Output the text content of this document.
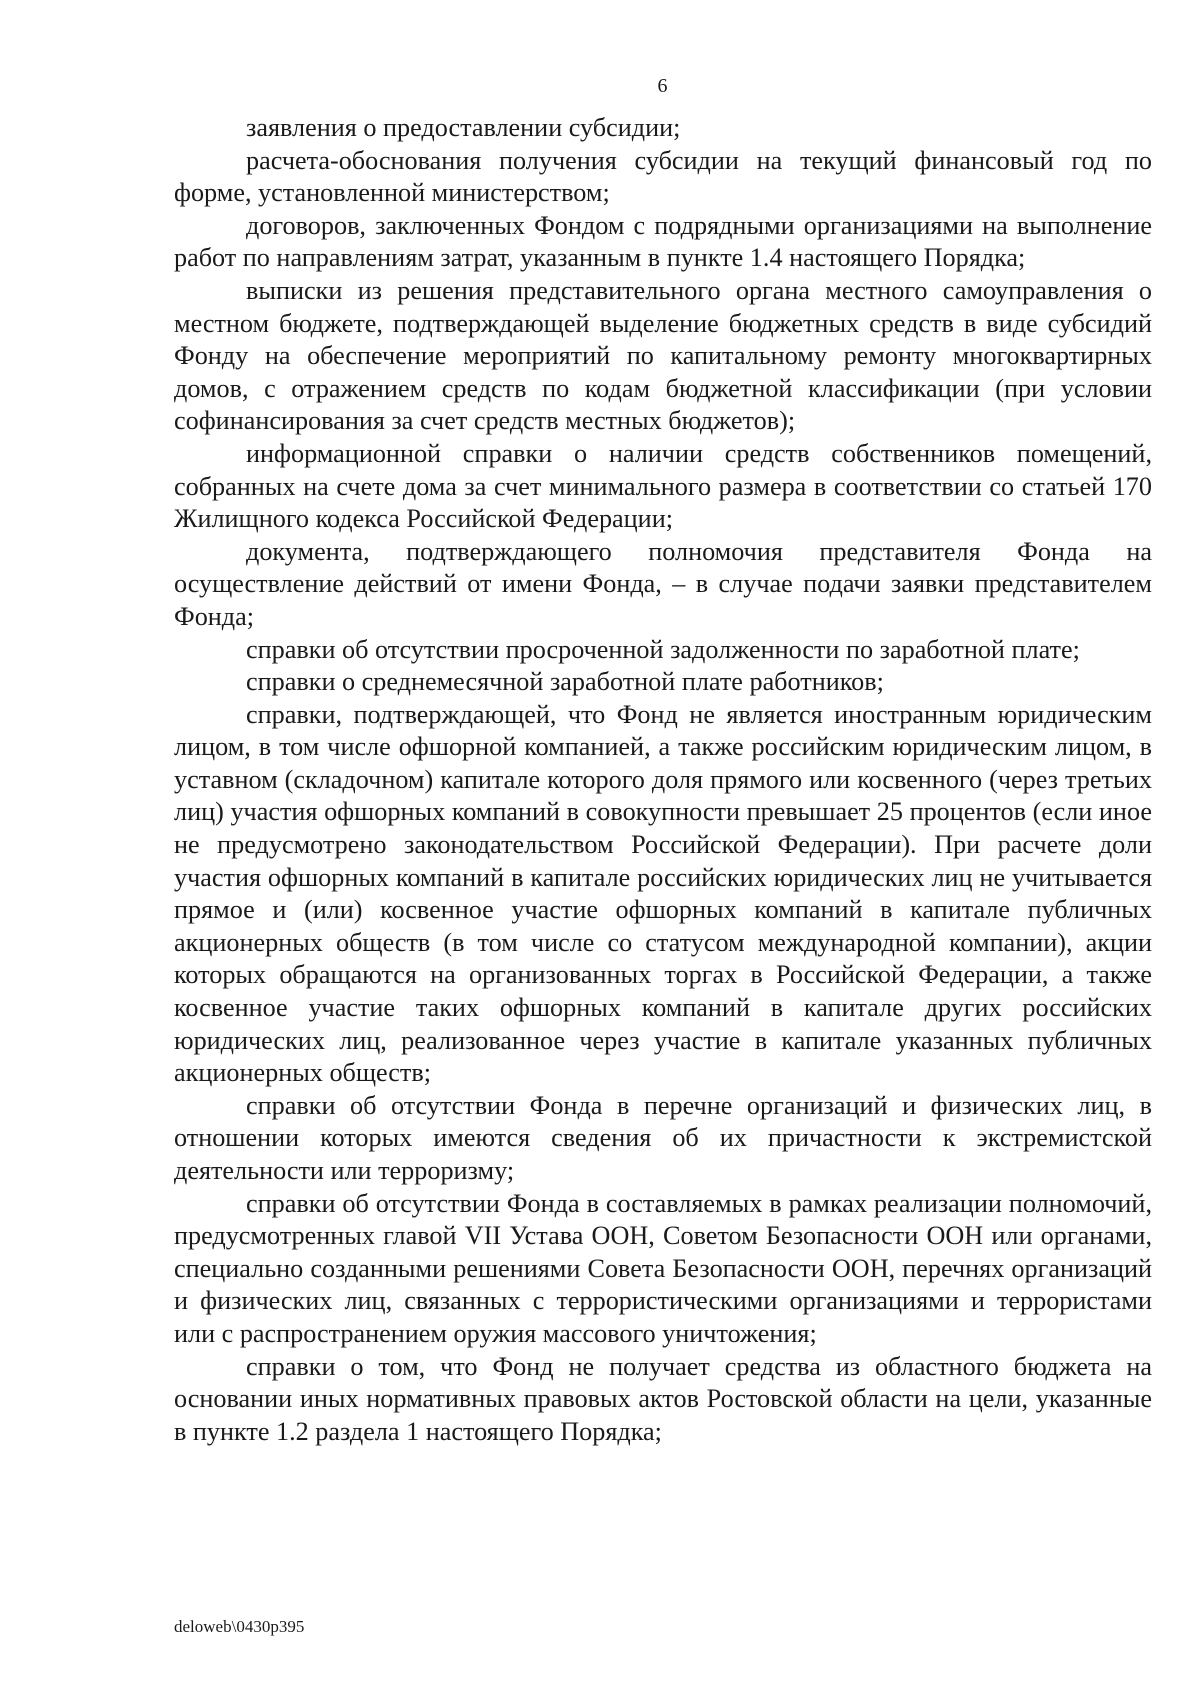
6

заявления о предоставлении субсидии;

расчета-обоснования получения субсидии на текущий финансовый год по форме, установленной министерством;

договоров, заключенных Фондом с подрядными организациями на выполнение работ по направлениям затрат, указанным в пункте 1.4 настоящего Порядка;

выписки из решения представительного органа местного самоуправления о местном бюджете, подтверждающей выделение бюджетных средств в виде субсидий Фонду на обеспечение мероприятий по капитальному ремонту многоквартирных домов, с отражением средств по кодам бюджетной классификации (при условии софинансирования за счет средств местных бюджетов);

информационной справки о наличии средств собственников помещений, собранных на счете дома за счет минимального размера в соответствии со статьей 170 Жилищного кодекса Российской Федерации;

документа, подтверждающего полномочия представителя Фонда на осуществление действий от имени Фонда, – в случае подачи заявки представителем Фонда;

справки об отсутствии просроченной задолженности по заработной плате;

справки о среднемесячной заработной плате работников;

справки, подтверждающей, что Фонд не является иностранным юридическим лицом, в том числе офшорной компанией, а также российским юридическим лицом, в уставном (складочном) капитале которого доля прямого или косвенного (через третьих лиц) участия офшорных компаний в совокупности превышает 25 процентов (если иное не предусмотрено законодательством Российской Федерации). При расчете доли участия офшорных компаний в капитале российских юридических лиц не учитывается прямое и (или) косвенное участие офшорных компаний в капитале публичных акционерных обществ (в том числе со статусом международной компании), акции которых обращаются на организованных торгах в Российской Федерации, а также косвенное участие таких офшорных компаний в капитале других российских юридических лиц, реализованное через участие в капитале указанных публичных акционерных обществ;

справки об отсутствии Фонда в перечне организаций и физических лиц, в отношении которых имеются сведения об их причастности к экстремистской деятельности или терроризму;

справки об отсутствии Фонда в составляемых в рамках реализации полномочий, предусмотренных главой VII Устава ООН, Советом Безопасности ООН или органами, специально созданными решениями Совета Безопасности ООН, перечнях организаций и физических лиц, связанных с террористическими организациями и террористами или с распространением оружия массового уничтожения;

справки о том, что Фонд не получает средства из областного бюджета на основании иных нормативных правовых актов Ростовской области на цели, указанные в пункте 1.2 раздела 1 настоящего Порядка;

deloweb\0430p395
